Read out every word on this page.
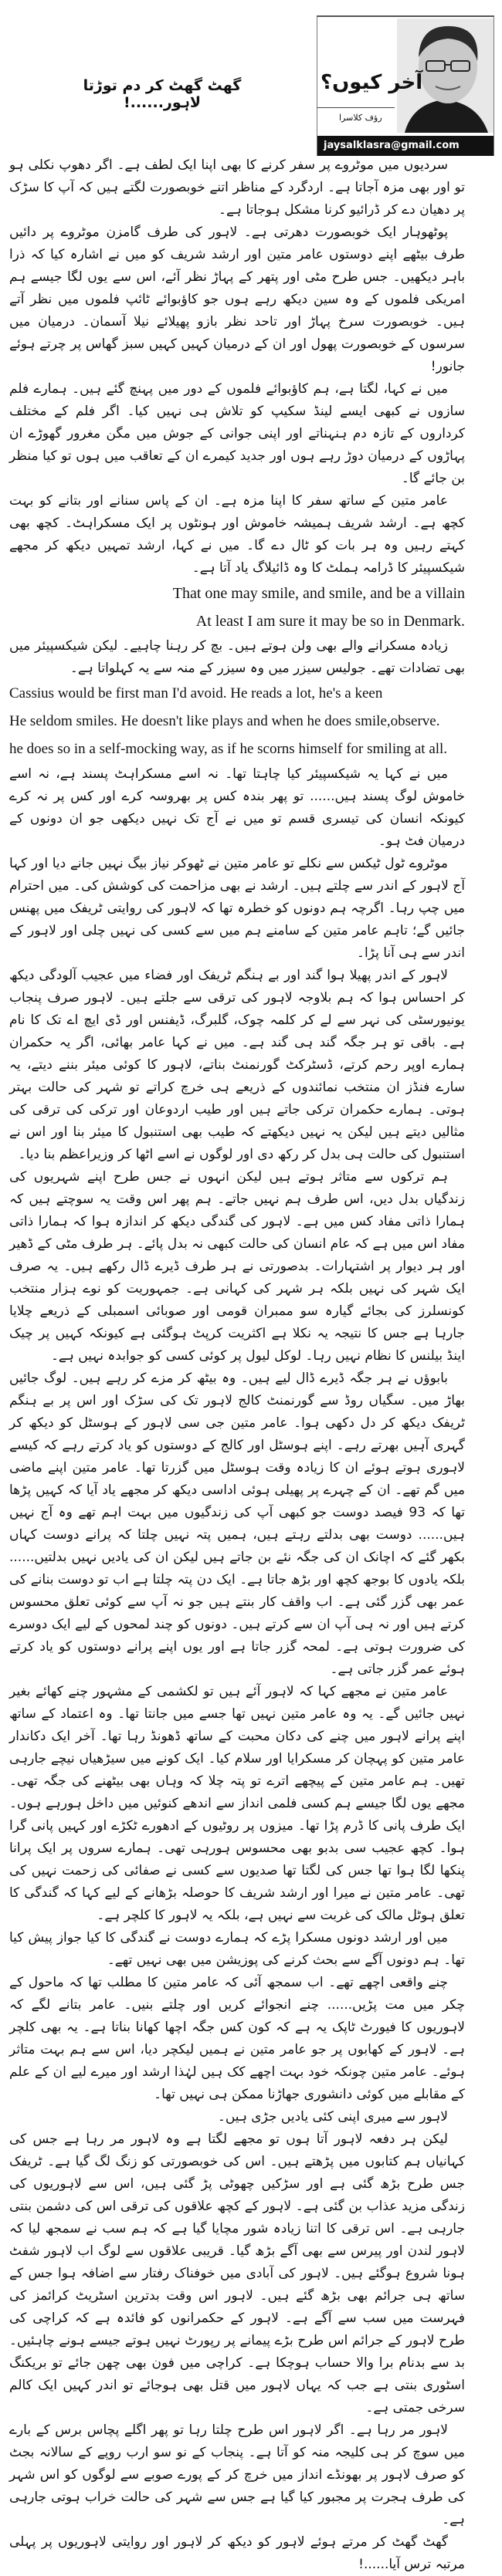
گھٹ گھٹ کر دم توڑتا لاہور......!
آخر کیوں؟
رؤف کلاسرا
jaysalklasra@gmail.com

سردیوں میں موٹروے پر سفر کرنے کا بھی اپنا ایک لطف ہے۔ اگر دھوپ نکلی ہو تو اور بھی مزہ آجاتا ہے۔ اردگرد کے مناظر اتنے خوبصورت لگتے ہیں کہ آپ کا سڑک پر دھیان دے کر ڈرائیو کرنا مشکل ہوجاتا ہے۔

پوٹھوہار ایک خوبصورت دھرتی ہے۔ لاہور کی طرف گامزن موٹروے پر دائیں طرف بیٹھے اپنے دوستوں عامر متین اور ارشد شریف کو میں نے اشارہ کیا کہ ذرا باہر دیکھیں۔ جس طرح مٹی اور پتھر کے پہاڑ نظر آئے، اس سے یوں لگا جیسے ہم امریکی فلموں کے وہ سین دیکھ رہے ہوں جو کاؤبوائے ٹائپ فلموں میں نظر آتے ہیں۔ خوبصورت سرخ پہاڑ اور تاحد نظر بازو پھیلائے نیلا آسمان۔ درمیان میں سرسوں کے خوبصورت پھول اور ان کے درمیان کہیں کہیں سبز گھاس پر چرتے ہوئے جانور!

میں نے کہا، لگتا ہے، ہم کاؤبوائے فلموں کے دور میں پہنچ گئے ہیں۔ ہمارے فلم سازوں نے کبھی ایسے لینڈ سکیپ کو تلاش ہی نہیں کیا۔ اگر فلم کے مختلف کرداروں کے تازہ دم ہنہناتے اور اپنی جوانی کے جوش میں مگن مغرور گھوڑے ان پہاڑوں کے درمیان دوڑ رہے ہوں اور جدید کیمرے ان کے تعاقب میں ہوں تو کیا منظر بن جائے گا۔

عامر متین کے ساتھ سفر کا اپنا مزہ ہے۔ ان کے پاس سنانے اور بتانے کو بہت کچھ ہے۔ ارشد شریف ہمیشہ خاموش اور ہونٹوں پر ایک مسکراہٹ۔ کچھ بھی کہتے رہیں وہ ہر بات کو ٹال دے گا۔ میں نے کہا، ارشد تمہیں دیکھ کر مجھے شیکسپیئر کا ڈرامہ ہملٹ کا وہ ڈائیلاگ یاد آتا ہے۔

That one may smile, and smile, and be a villain

At least I am sure it may be so in Denmark.

زیادہ مسکرانے والے بھی ولن ہوتے ہیں۔ بچ کر رہنا چاہیے۔ لیکن شیکسپیئر میں بھی تضادات تھے۔ جولیس سیزر میں وہ سیزر کے منہ سے یہ کہلواتا ہے۔

Cassius would be first man I'd avoid. He reads a lot, he's a keen

He seldom smiles. He doesn't like plays and when he does smile,observe.

he does so in a self-mocking way, as if he scorns himself for smiling at all.

میں نے کہا یہ شیکسپیئر کیا چاہتا تھا۔ نہ اسے مسکراہٹ پسند ہے، نہ اسے خاموش لوگ پسند ہیں...... تو پھر بندہ کس پر بھروسہ کرے اور کس پر نہ کرے کیونکہ انسان کی تیسری قسم تو میں نے آج تک نہیں دیکھی جو ان دونوں کے درمیان فٹ ہو۔

موٹروے ٹول ٹیکس سے نکلے تو عامر متین نے ٹھوکر نیاز بیگ نہیں جانے دیا اور کہا آج لاہور کے اندر سے چلتے ہیں۔ ارشد نے بھی مزاحمت کی کوشش کی۔ میں احترام میں چپ رہا۔ اگرچہ ہم دونوں کو خطرہ تھا کہ لاہور کی روایتی ٹریفک میں پھنس جائیں گے؛ تاہم عامر متین کے سامنے ہم میں سے کسی کی نہیں چلی اور لاہور کے اندر سے ہی آنا پڑا۔

لاہور کے اندر پھیلا ہوا گند اور بے ہنگم ٹریفک اور فضاء میں عجیب آلودگی دیکھ کر احساس ہوا کہ ہم بلاوجہ لاہور کی ترقی سے جلتے ہیں۔ لاہور صرف پنجاب یونیورسٹی کی نہر سے لے کر کلمہ چوک، گلبرگ، ڈیفنس اور ڈی ایچ اے تک کا نام ہے۔ باقی تو ہر جگہ گند ہی گند ہے۔ میں نے کہا عامر بھائی، اگر یہ حکمران ہمارے اوپر رحم کرتے، ڈسٹرکٹ گورنمنٹ بناتے، لاہور کا کوئی میئر بننے دیتے، یہ سارے فنڈز ان منتخب نمائندوں کے ذریعے ہی خرچ کراتے تو شہر کی حالت بہتر ہوتی۔ ہمارے حکمران ترکی جاتے ہیں اور طیب اردوعان اور ترکی کی ترقی کی مثالیں دیتے ہیں لیکن یہ نہیں دیکھتے کہ طیب بھی استنبول کا میئر بنا اور اس نے استنبول کی حالت ہی بدل کر رکھ دی اور لوگوں نے اسے اٹھا کر وزیراعظم بنا دیا۔

ہم ترکوں سے متاثر ہوتے ہیں لیکن انہوں نے جس طرح اپنے شہریوں کی زندگیاں بدل دیں، اس طرف ہم نہیں جاتے۔ ہم پھر اس وقت یہ سوچتے ہیں کہ ہمارا ذاتی مفاد کس میں ہے۔ لاہور کی گندگی دیکھ کر اندازہ ہوا کہ ہمارا ذاتی مفاد اس میں ہے کہ عام انسان کی حالت کبھی نہ بدل پائے۔ ہر طرف مٹی کے ڈھیر اور ہر دیوار پر اشتہارات۔ بدصورتی نے ہر طرف ڈیرے ڈال رکھے ہیں۔ یہ صرف ایک شہر کی نہیں بلکہ ہر شہر کی کہانی ہے۔ جمہوریت کو نوے ہزار منتخب کونسلرز کی بجائے گیارہ سو ممبران قومی اور صوبائی اسمبلی کے ذریعے چلایا جارہا ہے جس کا نتیجہ یہ نکلا ہے اکثریت کرپٹ ہوگئی ہے کیونکہ کہیں پر چیک اینڈ بیلنس کا نظام نہیں رہا۔ لوکل لیول پر کوئی کسی کو جوابدہ نہیں ہے۔

بابوؤں نے ہر جگہ ڈیرے ڈال لیے ہیں۔ وہ بیٹھ کر مزے کر رہے ہیں۔ لوگ جائیں بھاڑ میں۔ سگیاں روڈ سے گورنمنٹ کالج لاہور تک کی سڑک اور اس پر بے ہنگم ٹریفک دیکھ کر دل دکھی ہوا۔ عامر متین جی سی لاہور کے ہوسٹل کو دیکھ کر گہری آہیں بھرتے رہے۔ اپنے ہوسٹل اور کالج کے دوستوں کو یاد کرتے رہے کہ کیسے لاہوری ہوتے ہوئے ان کا زیادہ وقت ہوسٹل میں گزرتا تھا۔ عامر متین اپنے ماضی میں گم تھے۔ ان کے چہرے پر پھیلی ہوئی اداسی دیکھ کر مجھے یاد آیا کہ کہیں پڑھا تھا کہ 93 فیصد دوست جو کبھی آپ کی زندگیوں میں بہت اہم تھے وہ آج نہیں ہیں...... دوست بھی بدلتے رہتے ہیں، ہمیں پتہ نہیں چلتا کہ پرانے دوست کہاں بکھر گئے کہ اچانک ان کی جگہ نئے بن جاتے ہیں لیکن ان کی یادیں نہیں بدلتیں...... بلکہ یادوں کا بوجھ کچھ اور بڑھ جاتا ہے۔ ایک دن پتہ چلتا ہے اب تو دوست بنانے کی عمر بھی گزر گئی ہے۔ اب واقف کار بنتے ہیں جو نہ آپ سے کوئی تعلق محسوس کرتے ہیں اور نہ ہی آپ ان سے کرتے ہیں۔ دونوں کو چند لمحوں کے لیے ایک دوسرے کی ضرورت ہوتی ہے۔ لمحہ گزر جاتا ہے اور یوں اپنے پرانے دوستوں کو یاد کرتے ہوئے عمر گزر جاتی ہے۔

عامر متین نے مجھے کہا کہ لاہور آئے ہیں تو لکشمی کے مشہور چنے کھائے بغیر نہیں جائیں گے۔ یہ وہ عامر متین نہیں تھا جسے میں جانتا تھا۔ وہ اعتماد کے ساتھ اپنے پرانے لاہور میں چنے کی دکان محبت کے ساتھ ڈھونڈ رہا تھا۔ آخر ایک دکاندار عامر متین کو پہچان کر مسکرایا اور سلام کیا۔ ایک کونے میں سیڑھیاں نیچے جارہی تھیں۔ ہم عامر متین کے پیچھے اترے تو پتہ چلا کہ وہاں بھی بیٹھنے کی جگہ تھی۔ مجھے یوں لگا جیسے ہم کسی فلمی انداز سے اندھے کنوئیں میں داخل ہورہے ہوں۔ ایک طرف پانی کا ڈرم پڑا تھا۔ میزوں پر روٹیوں کے ادھورے ٹکڑے اور کہیں پانی گرا ہوا۔ کچھ عجیب سی بدبو بھی محسوس ہورہی تھی۔ ہمارے سروں پر ایک پرانا پنکھا لگا ہوا تھا جس کی لگتا تھا صدیوں سے کسی نے صفائی کی زحمت نہیں کی تھی۔ عامر متین نے میرا اور ارشد شریف کا حوصلہ بڑھانے کے لیے کہا کہ گندگی کا تعلق ہوٹل مالک کی غربت سے نہیں ہے، بلکہ یہ لاہور کا کلچر ہے۔

میں اور ارشد دونوں مسکرا پڑے کہ ہمارے دوست نے گندگی کا کیا جواز پیش کیا تھا۔ ہم دونوں آگے سے بحث کرنے کی پوزیشن میں بھی نہیں تھے۔

چنے واقعی اچھے تھے۔ اب سمجھ آئی کہ عامر متین کا مطلب تھا کہ ماحول کے چکر میں مت پڑیں...... چنے انجوائے کریں اور چلتے بنیں۔ عامر بتانے لگے کہ لاہوریوں کا فیورٹ ٹاپک یہ ہے کہ کون کس جگہ اچھا کھانا بناتا ہے۔ یہ بھی کلچر ہے۔ لاہور کے کھابوں پر جو عامر متین نے ہمیں لیکچر دیا، اس سے ہم بہت متاثر ہوئے۔ عامر متین چونکہ خود بہت اچھے کک ہیں لہٰذا ارشد اور میرے لیے ان کے علم کے مقابلے میں کوئی دانشوری جھاڑنا ممکن ہی نہیں تھا۔

لاہور سے میری اپنی کئی یادیں جڑی ہیں۔

لیکن ہر دفعہ لاہور آتا ہوں تو مجھے لگتا ہے وہ لاہور مر رہا ہے جس کی کہانیاں ہم کتابوں میں پڑھتے ہیں۔ اس کی خوبصورتی کو زنگ لگ گیا ہے۔ ٹریفک جس طرح بڑھ گئی ہے اور سڑکیں چھوٹی پڑ گئی ہیں، اس سے لاہوریوں کی زندگی مزید عذاب بن گئی ہے۔ لاہور کے کچھ علاقوں کی ترقی اس کی دشمن بنتی جارہی ہے۔ اس ترقی کا اتنا زیادہ شور مچایا گیا ہے کہ ہم سب نے سمجھ لیا کہ لاہور لندن اور پیرس سے بھی آگے بڑھ گیا۔ قریبی علاقوں سے لوگ اب لاہور شفٹ ہونا شروع ہوگئے ہیں۔ لاہور کی آبادی میں خوفناک رفتار سے اضافہ ہوا جس کے ساتھ ہی جرائم بھی بڑھ گئے ہیں۔ لاہور اس وقت بدترین اسٹریٹ کرائمز کی فہرست میں سب سے آگے ہے۔ لاہور کے حکمرانوں کو فائدہ ہے کہ کراچی کی طرح لاہور کے جرائم اس طرح بڑے پیمانے پر رپورٹ نہیں ہوتے جیسے ہونے چاہئیں۔ بد سے بدنام برا والا حساب ہوچکا ہے۔ کراچی میں فون بھی چھن جائے تو بریکنگ اسٹوری بنتی ہے جب کہ یہاں لاہور میں قتل بھی ہوجائے تو اندر کہیں ایک کالم سرخی جمتی ہے۔

لاہور مر رہا ہے۔ اگر لاہور اس طرح چلتا رہا تو پھر اگلے پچاس برس کے بارے میں سوچ کر ہی کلیجہ منہ کو آتا ہے۔ پنجاب کے نو سو ارب روپے کے سالانہ بجٹ کو صرف لاہور پر بھونڈے انداز میں خرچ کر کے پورے صوبے سے لوگوں کو اس شہر کی طرف ہجرت پر مجبور کیا گیا ہے جس سے شہر کی حالت خراب ہوتی جارہی ہے۔

گھٹ گھٹ کر مرتے ہوئے لاہور کو دیکھ کر لاہور اور روایتی لاہوریوں پر پہلی مرتبہ ترس آیا......!
